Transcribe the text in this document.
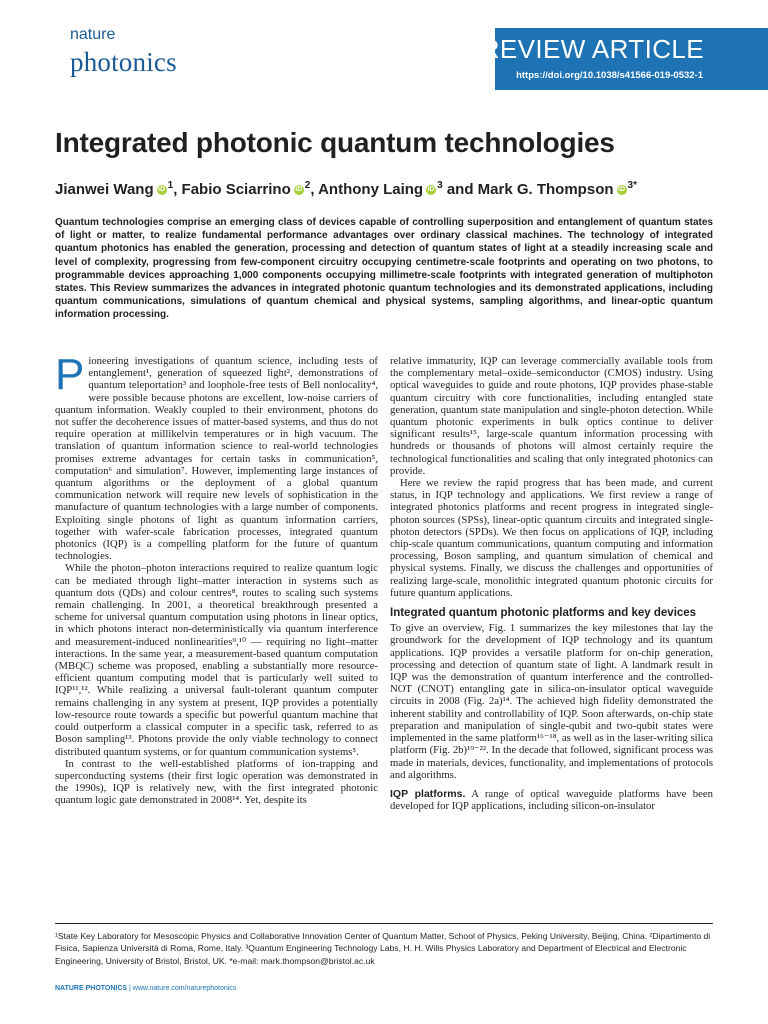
nature
photonics	REVIEW ARTICLE
https://doi.org/10.1038/s41566-019-0532-1
Integrated photonic quantum technologies
Jianwei Wang iD $^1$, Fabio Sciarrino iD $^2$, Anthony Laing iD $^3$ and Mark G. Thompson iD $^{3*}$
Quantum technologies comprise an emerging class of devices capable of controlling superposition and entanglement of quantum states of light or matter, to realize fundamental performance advantages over ordinary classical machines. The technology of integrated quantum photonics has enabled the generation, processing and detection of quantum states of light at a steadily increasing scale and level of complexity, progressing from few-component circuitry occupying centimetre-scale footprints and operating on two photons, to programmable devices approaching 1,000 components occupying millimetre-scale footprints with integrated generation of multiphoton states. This Review summarizes the advances in integrated photonic quantum technologies and its demonstrated applications, including quantum communications, simulations of quantum chemical and physical systems, sampling algorithms, and linear-optic quantum information processing.

Pioneering investigations of quantum science, including tests of entanglement¹, generation of squeezed light², demonstrations of quantum teleportation³ and loophole-free tests of Bell nonlocality⁴, were possible because photons are excellent, low-noise carriers of quantum information. Weakly coupled to their environment, photons do not suffer the decoherence issues of matter-based systems, and thus do not require operation at millikelvin temperatures or in high vacuum. The translation of quantum information science to real-world technologies promises extreme advantages for certain tasks in communication⁵, computation⁶ and simulation⁷. However, implementing large instances of quantum algorithms or the deployment of a global quantum communication network will require new levels of sophistication in the manufacture of quantum technologies with a large number of components. Exploiting single photons of light as quantum information carriers, together with wafer-scale fabrication processes, integrated quantum photonics (IQP) is a compelling platform for the future of quantum technologies.

While the photon–photon interactions required to realize quantum logic can be mediated through light–matter interaction in systems such as quantum dots (QDs) and colour centres⁸, routes to scaling such systems remain challenging. In 2001, a theoretical breakthrough presented a scheme for universal quantum computation using photons in linear optics, in which photons interact non-deterministically via quantum interference and measurement-induced nonlinearities⁹,¹⁰ — requiring no light–matter interactions. In the same year, a measurement-based quantum computation (MBQC) scheme was proposed, enabling a substantially more resource-efficient quantum computing model that is particularly well suited to IQP¹¹,¹². While realizing a universal fault-tolerant quantum computer remains challenging in any system at present, IQP provides a potentially low-resource route towards a specific but powerful quantum machine that could outperform a classical computer in a specific task, referred to as Boson sampling¹³. Photons provide the only viable technology to connect distributed quantum systems, or for quantum communication systems⁵.

In contrast to the well-established platforms of ion-trapping and superconducting systems (their first logic operation was demonstrated in the 1990s), IQP is relatively new, with the first integrated photonic quantum logic gate demonstrated in 2008¹⁴. Yet, despite its

relative immaturity, IQP can leverage commercially available tools from the complementary metal–oxide–semiconductor (CMOS) industry. Using optical waveguides to guide and route photons, IQP provides phase-stable quantum circuitry with core functionalities, including entangled state generation, quantum state manipulation and single-photon detection. While quantum photonic experiments in bulk optics continue to deliver significant results¹⁵, large-scale quantum information processing with hundreds or thousands of photons will almost certainly require the technological functionalities and scaling that only integrated photonics can provide.

Here we review the rapid progress that has been made, and current status, in IQP technology and applications. We first review a range of integrated photonics platforms and recent progress in integrated single-photon sources (SPSs), linear-optic quantum circuits and integrated single-photon detectors (SPDs). We then focus on applications of IQP, including chip-scale quantum communications, quantum computing and information processing, Boson sampling, and quantum simulation of chemical and physical systems. Finally, we discuss the challenges and opportunities of realizing large-scale, monolithic integrated quantum photonic circuits for future quantum applications.

Integrated quantum photonic platforms and key devices

To give an overview, Fig. 1 summarizes the key milestones that lay the groundwork for the development of IQP technology and its quantum applications. IQP provides a versatile platform for on-chip generation, processing and detection of quantum state of light. A landmark result in IQP was the demonstration of quantum interference and the controlled-NOT (CNOT) entangling gate in silica-on-insulator optical waveguide circuits in 2008 (Fig. 2a)¹⁴. The achieved high fidelity demonstrated the inherent stability and controllability of IQP. Soon afterwards, on-chip state preparation and manipulation of single-qubit and two-qubit states were implemented in the same platform¹⁶⁻¹⁸, as well as in the laser-writing silica platform (Fig. 2b)¹⁹⁻²². In the decade that followed, significant process was made in materials, devices, functionality, and implementations of protocols and algorithms.

IQP platforms. A range of optical waveguide platforms have been developed for IQP applications, including silicon-on-insulator

¹State Key Laboratory for Mesoscopic Physics and Collaborative Innovation Center of Quantum Matter, School of Physics, Peking University, Beijing, China. ²Dipartimento di Fisica, Sapienza Università di Roma, Rome, Italy. ³Quantum Engineering Technology Labs, H. H. Wills Physics Laboratory and Department of Electrical and Electronic Engineering, University of Bristol, Bristol, UK. *e-mail: mark.thompson@bristol.ac.uk
NATURE PHOTONICS | www.nature.com/naturephotonics
